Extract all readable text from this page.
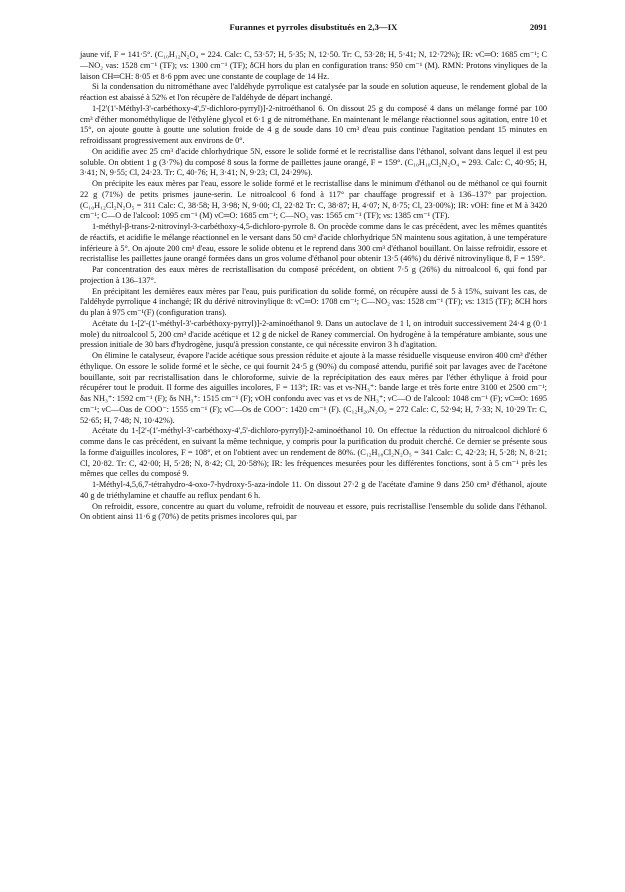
Furannes et pyrroles disubstitués en 2,3—IX	2091

jaune vif, F = 141·5°. (C₁₀H₁₂N₂O₄ = 224. Calc: C, 53·57; H, 5·35; N, 12·50. Tr: C, 53·28; H, 5·41; N, 12·72%); IR: νC═O: 1685 cm⁻¹; C—NO₂ νas: 1528 cm⁻¹ (TF); νs: 1300 cm⁻¹ (TF); δCH hors du plan en configuration trans: 950 cm⁻¹ (M). RMN: Protons vinyliques de la laison CH═CH: 8·05 et 8·6 ppm avec une constante de couplage de 14 Hz.

Si la condensation du nitrométhane avec l'aldéhyde pyrrolique est catalysée par la soude en solution aqueuse, le rendement global de la réaction est abaissé à 52% et l'on récupère de l'aldéhyde de départ inchangé.

1-[2'(1'-Méthyl-3'-carbéthoxy-4',5'-dichloro-pyrryl)]-2-nitroéthanol 6. On dissout 25 g du composé 4 dans un mélange formé par 100 cm³ d'éther monométhylique de l'éthylène glycol et 6·1 g de nitrométhane. En maintenant le mélange réactionnel sous agitation, entre 10 et 15°, on ajoute goutte à goutte une solution froide de 4 g de soude dans 10 cm³ d'eau puis continue l'agitation pendant 15 minutes en refroidissant progressivement aux environs de 0°.

On acidifie avec 25 cm³ d'acide chlorhydrique 5N, essore le solide formé et le recristallise dans l'éthanol, solvant dans lequel il est peu soluble. On obtient 1 g (3·7%) du composé 8 sous la forme de paillettes jaune orangé, F = 159°. (C₁₀H₁₀Cl₂N₂O₄ = 293. Calc: C, 40·95; H, 3·41; N, 9·55; Cl, 24·23. Tr: C, 40·76; H, 3·41; N, 9·23; Cl, 24·29%).

On précipite les eaux mères par l'eau, essore le solide formé et le recristallise dans le minimum d'éthanol ou de méthanol ce qui fournit 22 g (71%) de petits prismes jaune-serin. Le nitroalcool 6 fond à 117° par chauffage progressif et à 136–137° par projection. (C₁₀H₁₂Cl₂N₂O₅ = 311 Calc: C, 38·58; H, 3·98; N, 9·00; Cl, 22·82 Tr: C, 38·87; H, 4·07; N, 8·75; Cl, 23·00%); IR: νOH: fine et M à 3420 cm⁻¹; C—O de l'alcool: 1095 cm⁻¹ (M) νC═O: 1685 cm⁻¹; C—NO₂ νas: 1565 cm⁻¹ (TF); νs: 1385 cm⁻¹ (TF).

1-méthyl-β-trans-2-nitrovinyl-3-carbéthoxy-4,5-dichloro-pyrrole 8. On procède comme dans le cas précédent, avec les mêmes quantités de réactifs, et acidifie le mélange réactionnel en le versant dans 50 cm³ d'acide chlorhydrique 5N maintenu sous agitation, à une température inférieure à 5°. On ajoute 200 cm³ d'eau, essore le solide obtenu et le reprend dans 300 cm³ d'éthanol bouillant. On laisse refroidir, essore et recristallise les paillettes jaune orangé formées dans un gros volume d'éthanol pour obtenir 13·5 (46%) du dérivé nitrovinylique 8, F = 159°.

Par concentration des eaux mères de recristallisation du composé précédent, on obtient 7·5 g (26%) du nitroalcool 6, qui fond par projection à 136–137°.

En précipitant les dernières eaux mères par l'eau, puis purification du solide formé, on récupère aussi de 5 à 15%, suivant les cas, de l'aldéhyde pyrrolique 4 inchangé; IR du dérivé nitrovinylique 8: νC═O: 1708 cm⁻¹; C—NO₂ νas: 1528 cm⁻¹ (TF); νs: 1315 (TF); δCH hors du plan à 975 cm⁻¹(F) (configuration trans).

Acétate du 1-[2'-(1'-méthyl-3'-carbéthoxy-pyrryl)]-2-aminoéthanol 9. Dans un autoclave de 1 l, on introduit successivement 24·4 g (0·1 mole) du nitroalcool 5, 200 cm³ d'acide acétique et 12 g de nickel de Raney commercial. On hydrogène à la température ambiante, sous une pression initiale de 30 bars d'hydrogène, jusqu'à pression constante, ce qui nécessite environ 3 h d'agitation.

On élimine le catalyseur, évapore l'acide acétique sous pression réduite et ajoute à la masse résiduelle visqueuse environ 400 cm³ d'éther éthylique. On essore le solide formé et le sèche, ce qui fournit 24·5 g (90%) du composé attendu, purifié soit par lavages avec de l'acétone bouillante, soit par recristallisation dans le chloroforme, suivie de la reprécipitation des eaux mères par l'éther éthylique à froid pour récupérer tout le produit. Il forme des aiguilles incolores, F = 113°; IR: νas et νs-NH₃⁺: bande large et très forte entre 3100 et 2500 cm⁻¹; δas NH₃⁺: 1592 cm⁻¹ (F); δs NH₃⁺: 1515 cm⁻¹ (F); νOH confondu avec νas et νs de NH₃⁺; νC—O de l'alcool: 1048 cm⁻¹ (F); νC═O: 1695 cm⁻¹; νC—Oas de COO⁻: 1555 cm⁻¹ (F); νC—Os de COO⁻: 1420 cm⁻¹ (F). (C₁₂H₂₀N₂O₅ = 272 Calc: C, 52·94; H, 7·33; N, 10·29 Tr: C, 52·65; H, 7·48; N, 10·42%).

Acétate du 1-[2'-(1'-méthyl-3'-carbéthoxy-4',5'-dichloro-pyrryl)]-2-aminoéthanol 10. On effectue la réduction du nitroalcool dichloré 6 comme dans le cas précédent, en suivant la même technique, y compris pour la purification du produit cherché. Ce dernier se présente sous la forme d'aiguilles incolores, F = 108°, et on l'obtient avec un rendement de 80%. (C₁₂H₁₈Cl₂N₂O₅ = 341 Calc: C, 42·23; H, 5·28; N, 8·21; Cl, 20·82. Tr: C, 42·00; H, 5·28; N, 8·42; Cl, 20·58%); IR: les fréquences mesurées pour les différentes fonctions, sont à 5 cm⁻¹ près les mêmes que celles du composé 9.

1-Méthyl-4,5,6,7-tétrahydro-4-oxo-7-hydroxy-5-aza-indole 11. On dissout 27·2 g de l'acétate d'amine 9 dans 250 cm³ d'éthanol, ajoute 40 g de triéthylamine et chauffe au reflux pendant 6 h.

On refroidit, essore, concentre au quart du volume, refroidit de nouveau et essore, puis recristallise l'ensemble du solide dans l'éthanol. On obtient ainsi 11·6 g (70%) de petits prismes incolores qui, par
